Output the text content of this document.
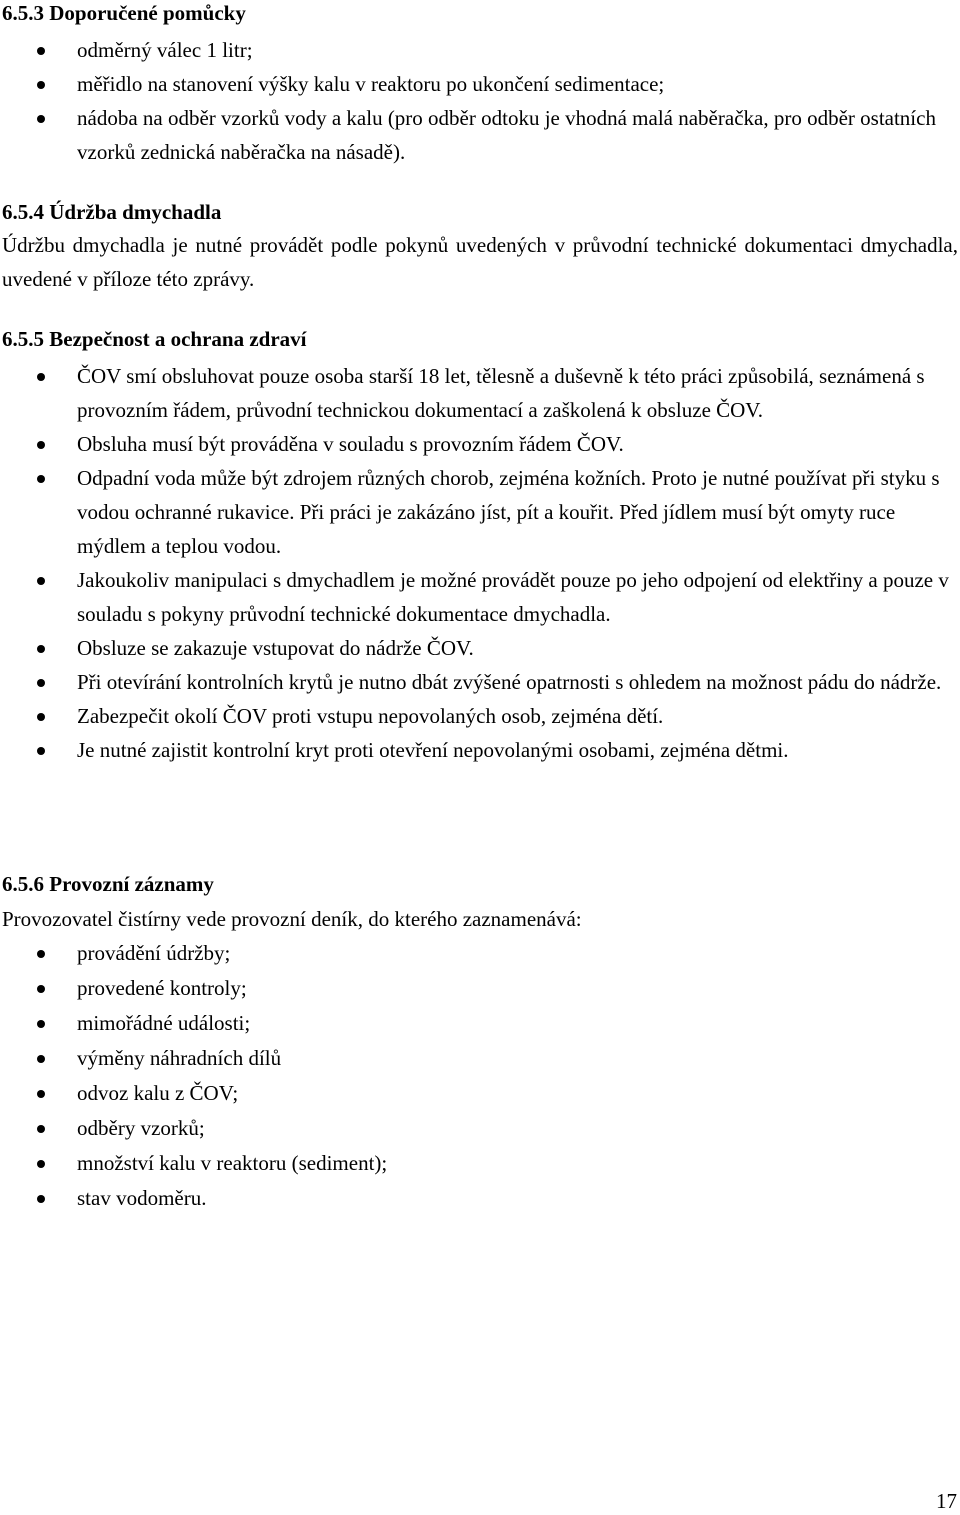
6.5.3 Doporučené pomůcky
odměrný válec 1 litr;
měřidlo na stanovení výšky kalu v reaktoru po ukončení sedimentace;
nádoba na odběr vzorků vody a kalu (pro odběr odtoku je vhodná malá naběračka, pro odběr ostatních vzorků zednická naběračka na násadě).
6.5.4 Údržba dmychadla
Údržbu dmychadla je nutné provádět podle pokynů uvedených v průvodní technické dokumentaci dmychadla, uvedené v příloze této zprávy.
6.5.5 Bezpečnost a ochrana zdraví
ČOV smí obsluhovat pouze osoba starší 18 let, tělesně a duševně k této práci způsobilá, seznámená s provozním řádem, průvodní technickou dokumentací a zaškolená k obsluze ČOV.
Obsluha musí být prováděna v souladu s provozním řádem ČOV.
Odpadní voda může být zdrojem různých chorob, zejména kožních. Proto je nutné používat při styku s vodou ochranné rukavice. Při práci je zakázáno jíst, pít a kouřit. Před jídlem musí být omyty ruce mýdlem a teplou vodou.
Jakoukoliv manipulaci s dmychadlem je možné provádět pouze po jeho odpojení od elektřiny a pouze v souladu s pokyny průvodní technické dokumentace dmychadla.
Obsluze se zakazuje vstupovat do nádrže ČOV.
Při otevírání kontrolních krytů je nutno dbát zvýšené opatrnosti s ohledem na možnost pádu do nádrže.
Zabezpečit okolí ČOV proti vstupu nepovolaných osob, zejména dětí.
Je nutné zajistit kontrolní kryt proti otevření nepovolanými osobami, zejména dětmi.
6.5.6 Provozní záznamy
Provozovatel čistírny vede provozní deník, do kterého zaznamenává:
provádění údržby;
provedené kontroly;
mimořádné události;
výměny náhradních dílů
odvoz kalu z ČOV;
odběry vzorků;
množství kalu v reaktoru (sediment);
stav vodoměru.
17
